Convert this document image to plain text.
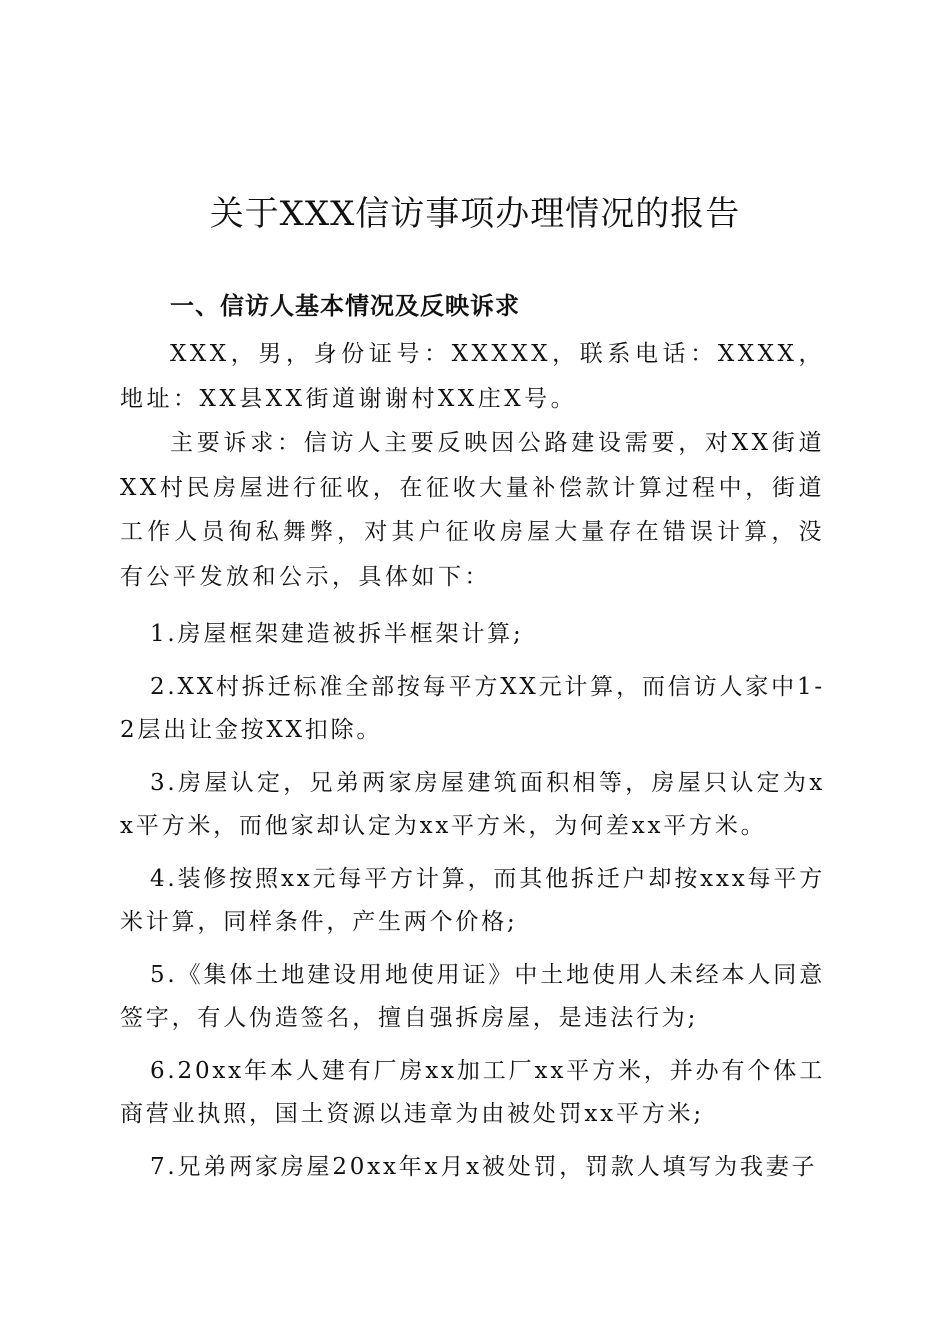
关于XXX信访事项办理情况的报告
一、信访人基本情况及反映诉求

XXX，男，身份证号：XXXXX，联系电话：XXXX，地址：XX县XX街道谢谢村XX庄X号。

主要诉求：信访人主要反映因公路建设需要，对XX街道XX村民房屋进行征收，在征收大量补偿款计算过程中，街道工作人员徇私舞弊，对其户征收房屋大量存在错误计算，没有公平发放和公示，具体如下：

1.房屋框架建造被拆半框架计算;
2.XX村拆迁标准全部按每平方XX元计算，而信访人家中1-2层出让金按XX扣除。
3.房屋认定，兄弟两家房屋建筑面积相等，房屋只认定为xx平方米，而他家却认定为xx平方米，为何差xx平方米。
4.装修按照xx元每平方计算，而其他拆迁户却按xxx每平方米计算，同样条件，产生两个价格;
5.《集体土地建设用地使用证》中土地使用人未经本人同意签字，有人伪造签名，擅自强拆房屋，是违法行为;
6.20xx年本人建有厂房xx加工厂xx平方米，并办有个体工商营业执照，国土资源以违章为由被处罚xx平方米;
7.兄弟两家房屋20xx年x月x被处罚，罚款人填写为我妻子
